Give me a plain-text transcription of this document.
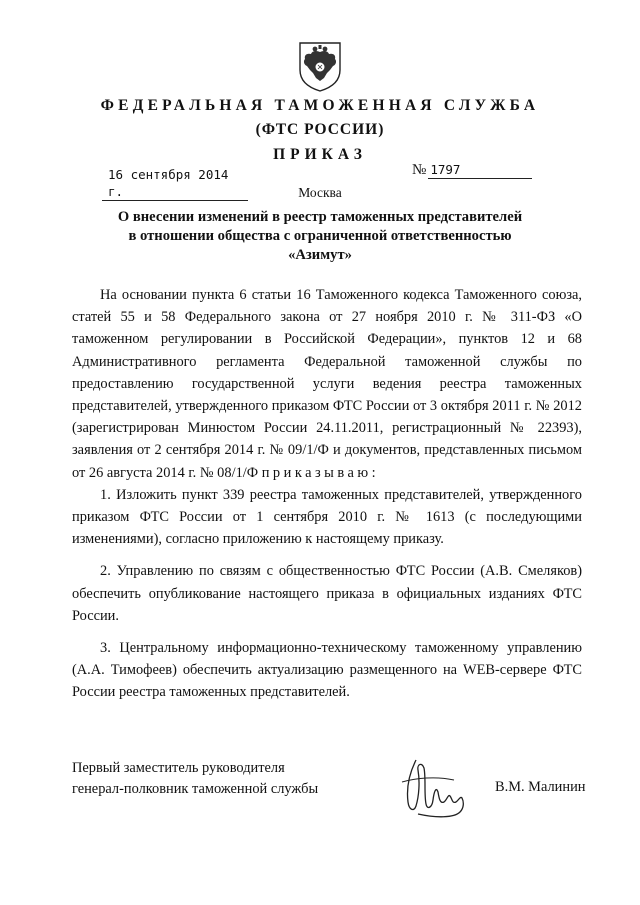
ФЕДЕРАЛЬНАЯ ТАМОЖЕННАЯ СЛУЖБА
(ФТС РОССИИ)
ПРИКАЗ
16 сентября 2014 г.
№ 1797
Москва
О внесении изменений в реестр таможенных представителей
в отношении общества с ограниченной ответственностью
«Азимут»

На основании пункта 6 статьи 16 Таможенного кодекса Таможенного союза, статей 55 и 58 Федерального закона от 27 ноября 2010 г. № 311-ФЗ «О таможенном регулировании в Российской Федерации», пунктов 12 и 68 Административного регламента Федеральной таможенной службы по предоставлению государственной услуги ведения реестра таможенных представителей, утвержденного приказом ФТС России от 3 октября 2011 г. № 2012 (зарегистрирован Минюстом России 24.11.2011, регистрационный № 22393), заявления от 2 сентября 2014 г. № 09/1/Ф и документов, представленных письмом от 26 августа 2014 г. № 08/1/Ф приказываю:

1. Изложить пункт 339 реестра таможенных представителей, утвержденного приказом ФТС России от 1 сентября 2010 г. № 1613 (с последующими изменениями), согласно приложению к настоящему приказу.

2. Управлению по связям с общественностью ФТС России (А.В. Смеляков) обеспечить опубликование настоящего приказа в официальных изданиях ФТС России.

3. Центральному информационно-техническому таможенному управлению (А.А. Тимофеев) обеспечить актуализацию размещенного на WEB-сервере ФТС России реестра таможенных представителей.

Первый заместитель руководителя
генерал-полковник таможенной службы	В.М. Малинин
